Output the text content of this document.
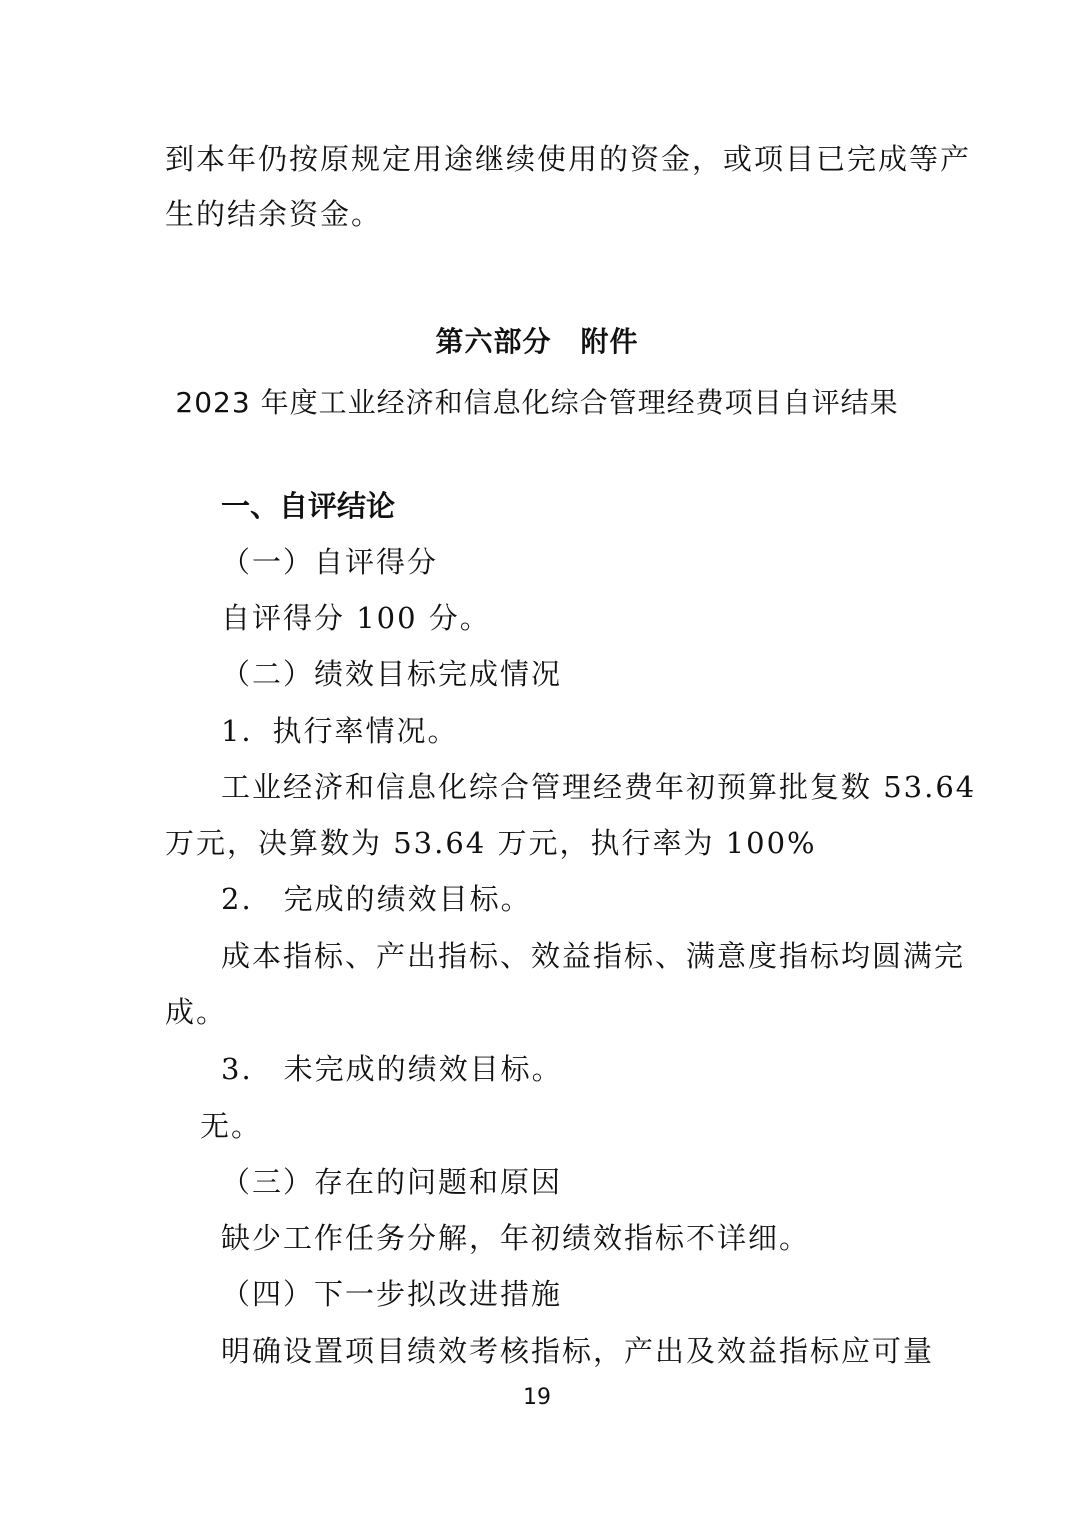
到本年仍按原规定用途继续使用的资金，或项目已完成等产
生的结余资金。
第六部分　附件
2023 年度工业经济和信息化综合管理经费项目自评结果
一、自评结论
（一）自评得分
自评得分 100 分。
（二）绩效目标完成情况
1．执行率情况。
工业经济和信息化综合管理经费年初预算批复数 53.64
万元，决算数为 53.64 万元，执行率为 100%
2.　完成的绩效目标。
成本指标、产出指标、效益指标、满意度指标均圆满完
成。
3.　未完成的绩效目标。
无。
（三）存在的问题和原因
缺少工作任务分解，年初绩效指标不详细。
（四）下一步拟改进措施
明确设置项目绩效考核指标，产出及效益指标应可量
19
